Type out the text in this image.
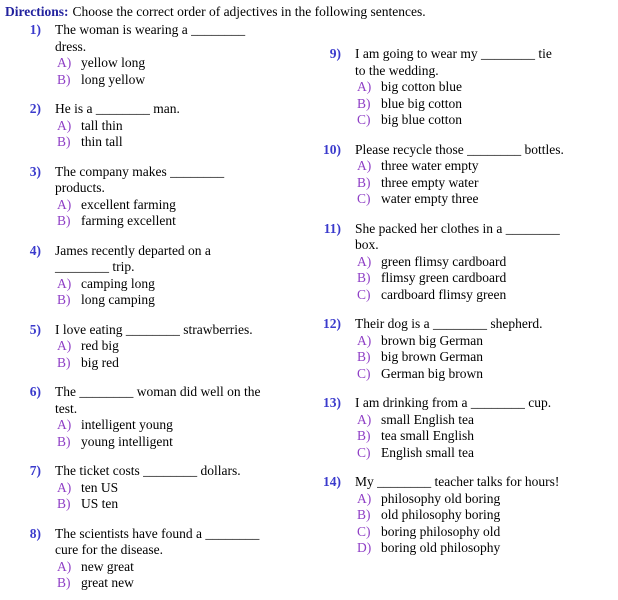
Directions: Choose the correct order of adjectives in the following sentences.
1) The woman is wearing a ________
dress.
A) yellow long
B) long yellow
2) He is a ________ man.
A) tall thin
B) thin tall
3) The company makes ________
products.
A) excellent farming
B) farming excellent
4) James recently departed on a
________ trip.
A) camping long
B) long camping
5) I love eating ________ strawberries.
A) red big
B) big red
6) The ________ woman did well on the
test.
A) intelligent young
B) young intelligent
7) The ticket costs ________ dollars.
A) ten US
B) US ten
8) The scientists have found a ________
cure for the disease.
A) new great
B) great new
9) I am going to wear my ________ tie
to the wedding.
A) big cotton blue
B) blue big cotton
C) big blue cotton
10) Please recycle those ________ bottles.
A) three water empty
B) three empty water
C) water empty three
11) She packed her clothes in a ________
box.
A) green flimsy cardboard
B) flimsy green cardboard
C) cardboard flimsy green
12) Their dog is a ________ shepherd.
A) brown big German
B) big brown German
C) German big brown
13) I am drinking from a ________ cup.
A) small English tea
B) tea small English
C) English small tea
14) My ________ teacher talks for hours!
A) philosophy old boring
B) old philosophy boring
C) boring philosophy old
D) boring old philosophy
